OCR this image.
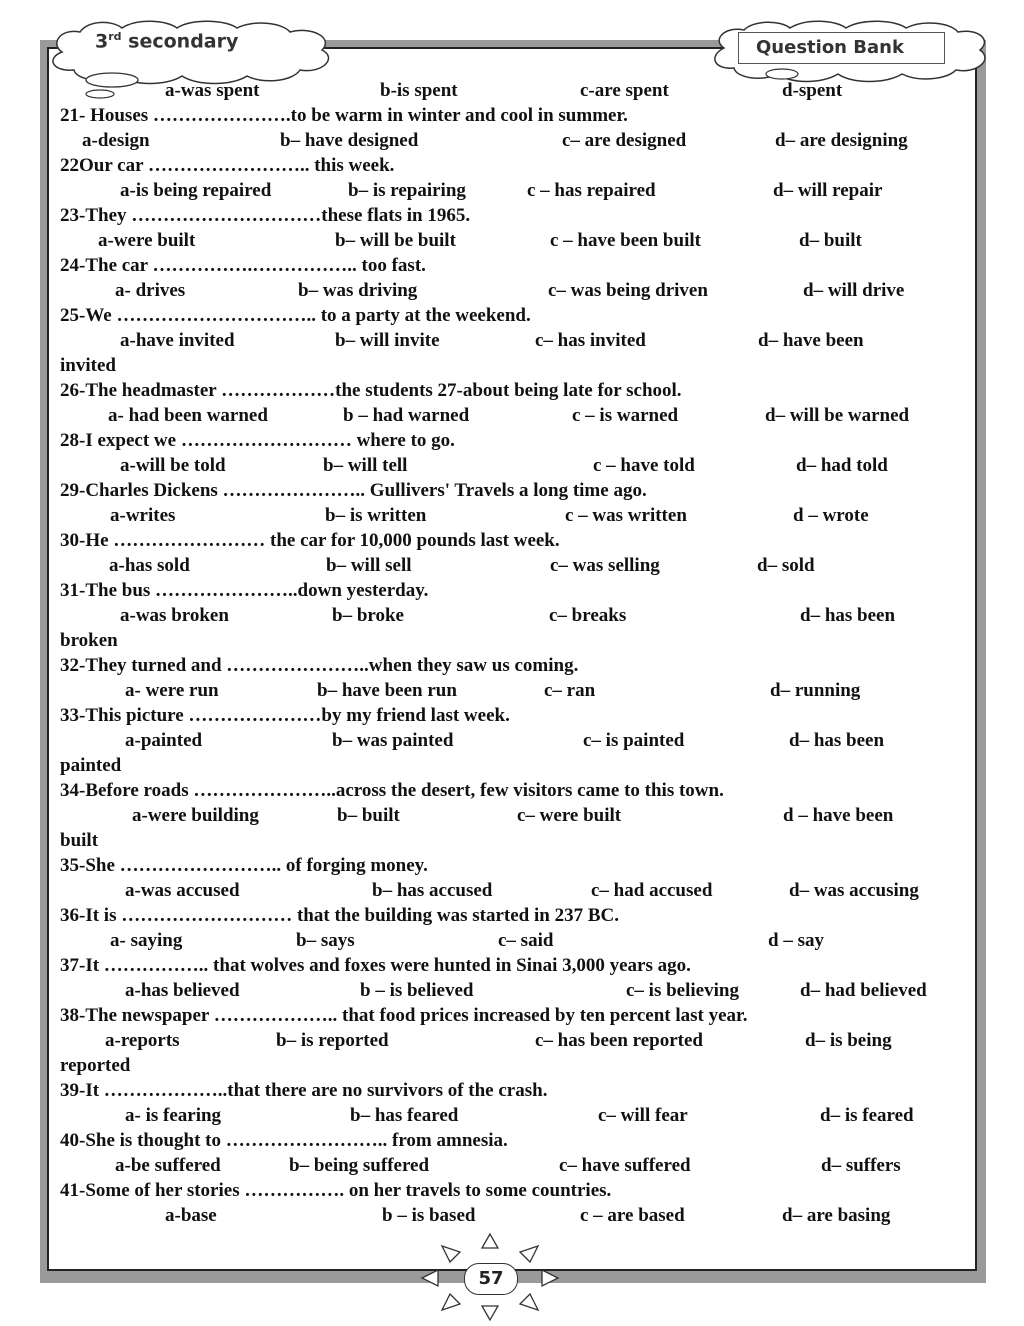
3rd secondary	Question Bank
a-was spent	b-is spent	c-are spent	d-spent
21- Houses ………………….to be warm in winter and cool in summer.
a-design	b– have designed	c– are designed	d– are designing
22Our car …………………….. this week.
a-is being repaired	b– is repairing	c – has repaired	d– will repair
23-They …………………………these flats in 1965.
a-were built	b– will be built	c – have been built	d– built
24-The car …………….…………….. too fast.
a- drives	b– was driving	c– was being driven	d– will drive
25-We ………………………….. to a party at the weekend.
a-have invited	b– will invite	c– has invited	d– have been
invited
26-The headmaster ………………the students 27-about being late for school.
a- had been warned	b – had warned	c – is warned	d– will be warned
28-I expect we ……………………… where to go.
a-will be told	b– will tell	c – have told	d– had told
29-Charles Dickens ………………….. Gullivers' Travels a long time ago.
a-writes	b– is written	c – was written	d – wrote
30-He …………………… the car for 10,000 pounds last week.
a-has sold	b– will sell	c– was selling	d– sold
31-The bus …………………..down yesterday.
a-was broken	b– broke	c– breaks	d– has been
broken
32-They turned and …………………..when they saw us coming.
a- were run	b– have been run	c– ran	d– running
33-This picture …………………by my friend last week.
a-painted	b– was painted	c– is painted	d– has been
painted
34-Before roads …………………..across the desert, few visitors came to this town.
a-were building	b– built	c– were built	d – have been
built
35-She …………………….. of forging money.
a-was accused	b– has accused	c– had accused	d– was accusing
36-It is ……………………… that the building was started in 237 BC.
a- saying	b– says	c– said	d – say
37-It …………….. that wolves and foxes were hunted in Sinai 3,000 years ago.
a-has believed	b – is believed	c– is believing	d– had believed
38-The newspaper ……………….. that food prices increased by ten percent last year.
a-reports	b– is reported	c– has been reported	d– is being
reported
39-It ………………..that there are no survivors of the crash.
a- is fearing	b– has feared	c– will fear	d– is feared
40-She is thought to …………………….. from amnesia.
a-be suffered	b– being suffered	c– have suffered	d– suffers
41-Some of her stories ……………. on her travels to some countries.
a-base	b – is based	c – are based	d– are basing
57
